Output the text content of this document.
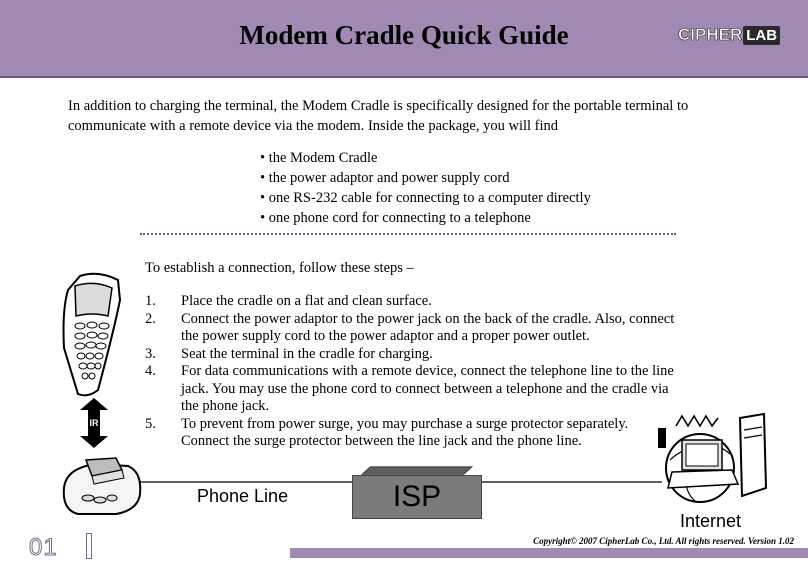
Modem Cradle Quick Guide	CIPHER LAB
In addition to charging the terminal, the Modem Cradle is specifically designed for the portable terminal to communicate with a remote device via the modem. Inside the package, you will find
• the Modem Cradle
• the power adaptor and power supply cord
• one RS-232 cable for connecting to a computer directly
• one phone cord for connecting to a telephone
To establish a connection, follow these steps –
1.	Place the cradle on a flat and clean surface.
2.	Connect the power adaptor to the power jack on the back of the cradle. Also, connect the power supply cord to the power adaptor and a proper power outlet.
3.	Seat the terminal in the cradle for charging.
4.	For data communications with a remote device, connect the telephone line to the line jack. You may use the phone cord to connect between a telephone and the cradle via the phone jack.
5.	To prevent from power surge, you may purchase a surge protector separately. Connect the surge protector between the line jack and the phone line.
IR
Phone Line	ISP
Internet
Copyright© 2007 CipherLab Co., Ltd. All rights reserved. Version 1.02
01
